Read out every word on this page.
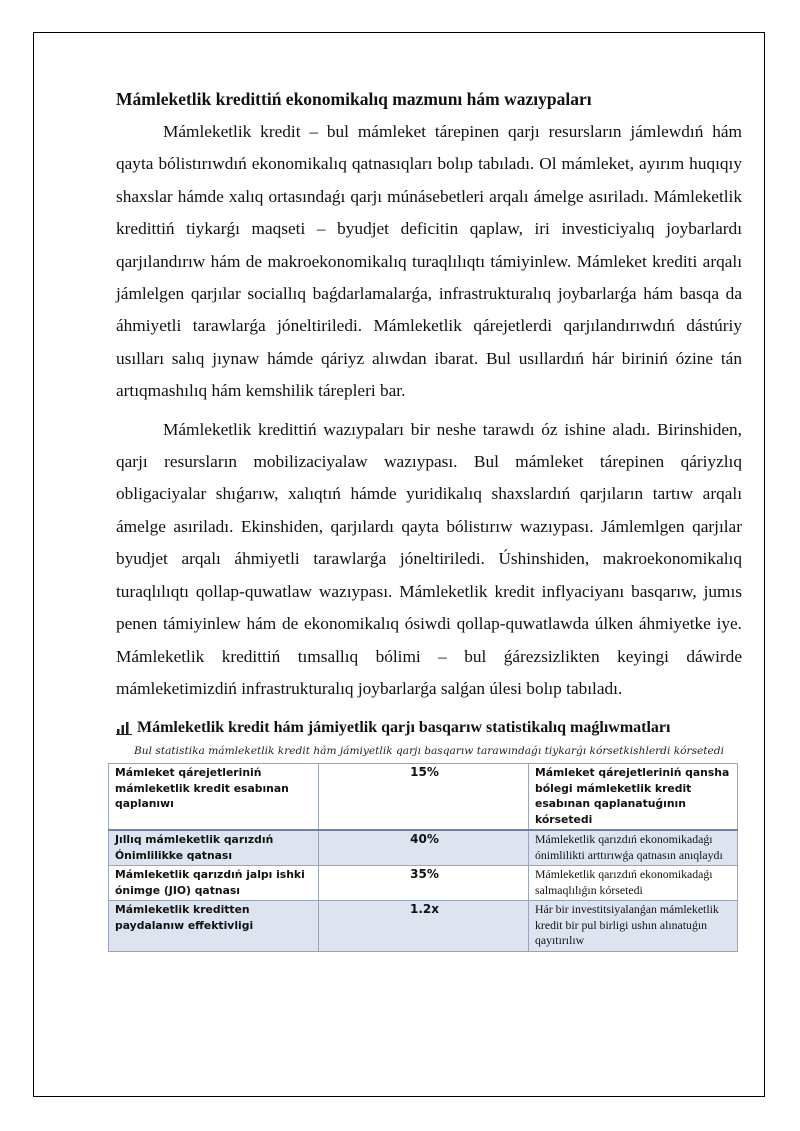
Mámleketlik kredittiń ekonomikalıq mazmunı hám wazıypaları

Mámleketlik kredit – bul mámleket tárepinen qarjı resursların jámlewdıń hám qayta bólistırıwdıń ekonomikalıq qatnasıqları bolıp tabıladı. Ol mámleket, ayırım huqıqıy shaxslar hámde xalıq ortasındaǵı qarjı múnásebetleri arqalı ámelge asıriladı. Mámleketlik kredittiń tiykarǵı maqseti – byudjet deficitin qaplaw, iri investiciyalıq joybarlardı qarjılandırıw hám de makroekonomikalıq turaqlılıqtı támiyinlew. Mámleket krediti arqalı jámlelgen qarjılar sociallıq baǵdarlamalarǵa, infrastrukturalıq joybarlarǵa hám basqa da áhmiyetli tarawlarǵa jóneltiriledi. Mámleketlik qárejetlerdi qarjılandırıwdıń dástúriy usılları salıq jıynaw hámde qáriyz alıwdan ibarat. Bul usıllardıń hár biriniń ózine tán artıqmashılıq hám kemshilik tárepleri bar.

Mámleketlik kredittiń wazıypaları bir neshe tarawdı óz ishine aladı. Birinshiden, qarjı resursların mobilizaciyalaw wazıypası. Bul mámleket tárepinen qáriyzlıq obligaciyalar shıǵarıw, xalıqtıń hámde yuridikalıq shaxslardıń qarjıların tartıw arqalı ámelge asıriladı. Ekinshiden, qarjılardı qayta bólistırıw wazıypası. Jámlemlgen qarjılar byudjet arqalı áhmiyetli tarawlarǵa jóneltiriledi. Úshinshiden, makroekonomikalıq turaqlılıqtı qollap-quwatlaw wazıypası. Mámleketlik kredit inflyaciyanı basqarıw, jumıs penen támiyinlew hám de ekonomikalıq ósiwdi qollap-quwatlawda úlken áhmiyetke iye. Mámleketlik kredittiń tımsallıq bólimi – bul ǵárezsizlikten keyingi dáwirde mámleketimizdiń infrastrukturalıq joybarlarǵa salǵan úlesi bolıp tabıladı.

Mámleketlik kredit hám jámiyetlik qarjı basqarıw statistikalıq maǵlıwmatları
Bul statistika mámleketlik kredit hám jámiyetlik qarjı basqarıw tarawındaǵı tiykarǵı kórsetkishlerdi kórsetedi
Mámleket qárejetleriniń mámleketlik kredit esabınan qaplanıwı	15%	Mámleket qárejetleriniń qansha bólegi mámleketlik kredit esabınan qaplanatuǵının kórsetedi
Jıllıq mámleketlik qarızdıń Ónimlilikke qatnası	40%	Mámleketlik qarızdıń ekonomikadaǵı ónimlilikti arttırıwǵa qatnasın anıqlaydı
Mámleketlik qarızdıń jalpı ishki ónimge (JIO) qatnası	35%	Mámleketlik qarızdıń ekonomikadaǵı salmaqlılıǵın kórsetedi
Mámleketlik kreditten paydalanıw effektivligi	1.2x	Hár bir investitsiyalanǵan mámleketlik kredit bir pul birligi ushın alınatuǵın qayıtırılıw
